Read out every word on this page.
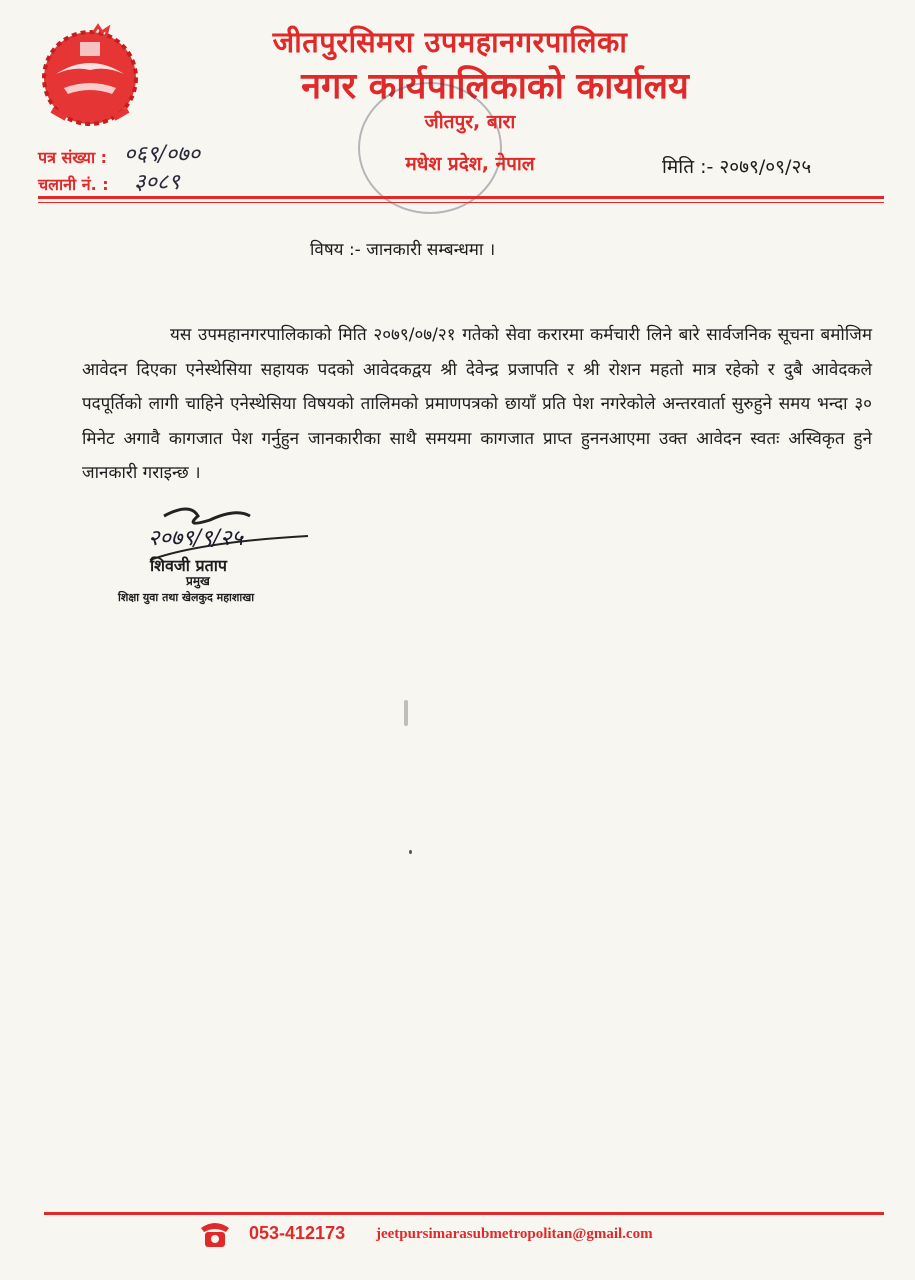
जीतपुरसिमरा उपमहानगरपालिका
नगर कार्यपालिकाको कार्यालय
जीतपुर, बारा
मधेश प्रदेश, नेपाल
पत्र संख्या : ०६९/०७०
चलानी नं. : ३०८९
मिति :- २०७९/०९/२५
विषय :- जानकारी सम्बन्धमा ।
यस उपमहानगरपालिकाको मिति २०७९/०७/२१ गतेको सेवा करारमा कर्मचारी लिने बारे सार्वजनिक सूचना बमोजिम आवेदन दिएका एनेस्थेसिया सहायक पदको आवेदकद्वय श्री देवेन्द्र प्रजापति र श्री रोशन महतो मात्र रहेको र दुबै आवेदकले पदपूर्तिको लागी चाहिने एनेस्थेसिया विषयको तालिमको प्रमाणपत्रको छायाँ प्रति पेश नगरेकोले अन्तरवार्ता सुरुहुने समय भन्दा ३० मिनेट अगावै कागजात पेश गर्नुहुन जानकारीका साथै समयमा कागजात प्राप्त हुननआएमा उक्त आवेदन स्वतः अस्विकृत हुने जानकारी गराइन्छ ।
२०७९/९/२५
शिवजी प्रताप
प्रमुख
शिक्षा युवा तथा खेलकुद महाशाखा
053-412173 jeetpursimarasubmetropolitan@gmail.com
